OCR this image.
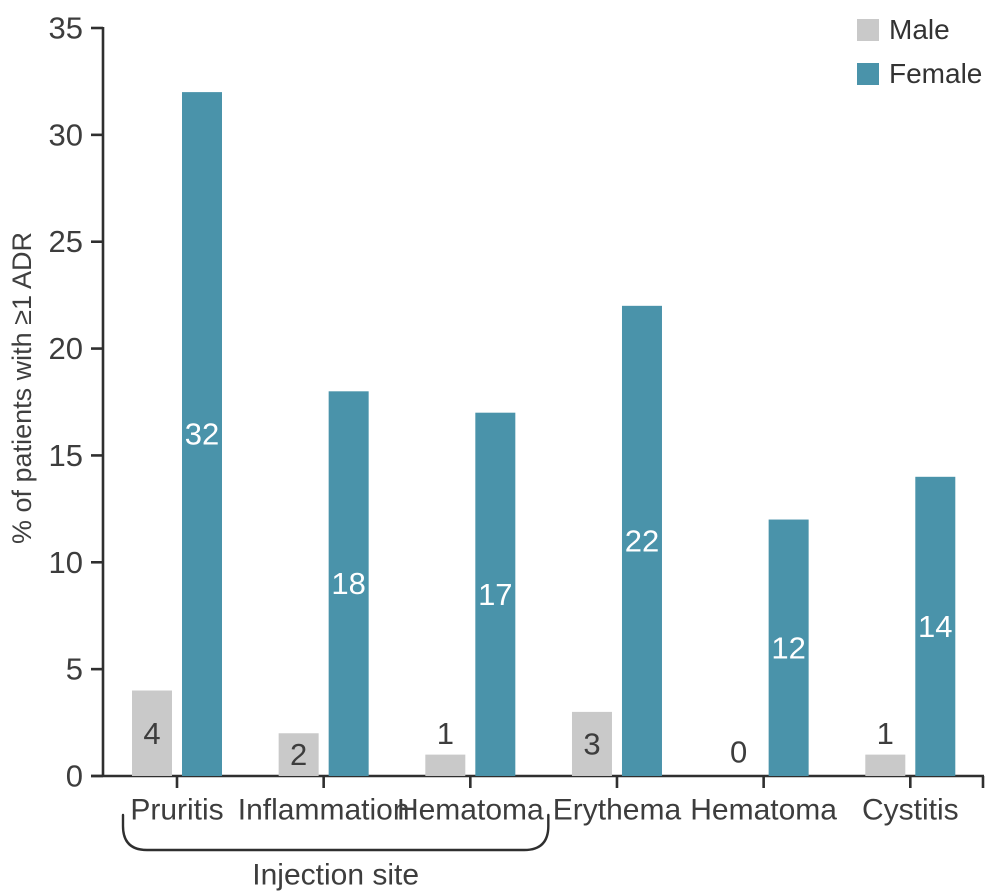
% of patients with ≥1 ADR
0
5
10
15
20
25
30
35
4
2
1	3	0
1
32
18	17
22
12
14
Pruritis Inflammation
Hematoma Erythema Hematoma Cystitis
Injection site
Male
Female
